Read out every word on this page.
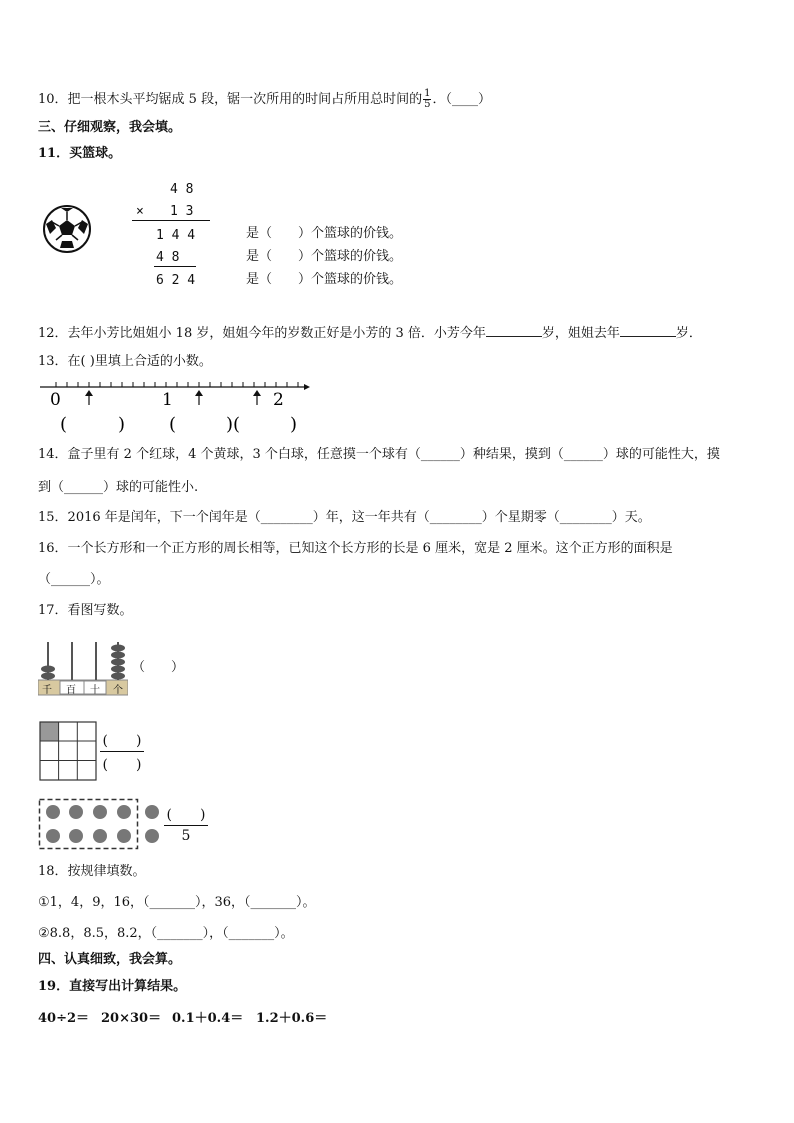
10．把一根木头平均锯成 5 段，锯一次所用的时间占所用总时间的 $\frac{1}{5}$ ．（____）
三、仔细观察，我会填。
11．买篮球。
4 8
× 1 3
1 4 4
4 8
6 2 4
是（　　）个篮球的价钱。
是（　　）个篮球的价钱。
是（　　）个篮球的价钱。
12．去年小芳比姐姐小 18 岁，姐姐今年的岁数正好是小芳的 3 倍．小芳今年	岁，姐姐去年	岁．
13．在( )里填上合适的小数。
0	1	2
(	) (	)(	)
14．盒子里有 2 个红球，4 个黄球，3 个白球，任意摸一个球有（______）种结果，摸到（______）球的可能性大，摸
到（______）球的可能性小.
15．2016 年是闰年，下一个闰年是（________）年，这一年共有（________）个星期零（________）天。
16．一个长方形和一个正方形的周长相等，已知这个长方形的长是 6 厘米，宽是 2 厘米。这个正方形的面积是
（______）。
17．看图写数。
千 百 十 个
（　　）
(　　)
(　　)
(　　)
5
18．按规律填数。
①1，4，9，16，（_______），36，（_______）。
②8.8，8.5，8.2，（_______），（_______）。
四、认真细致，我会算。
19．直接写出计算结果。
40÷2＝ 20×30＝ 0.1＋0.4＝ 1.2＋0.6＝
